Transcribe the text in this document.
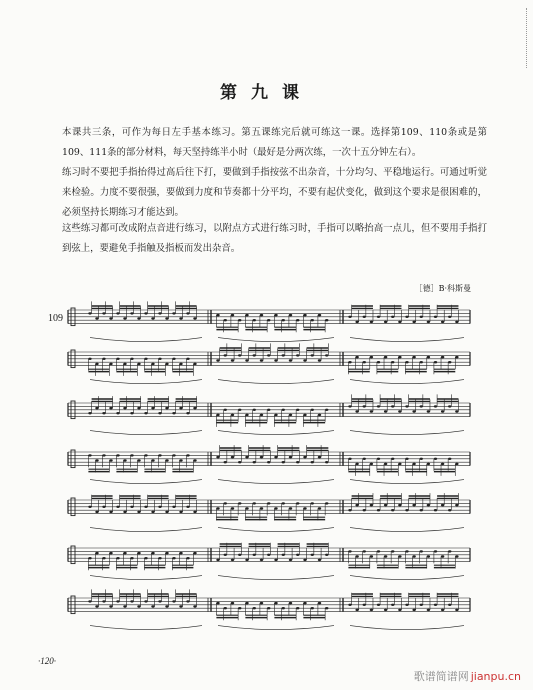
第九课

本课共三条，可作为每日左手基本练习。第五课练完后就可练这一课。选择第109、110条或是第109、111条的部分材料，每天坚持练半小时（最好是分两次练，一次十五分钟左右）。

练习时不要把手指抬得过高后往下打，要做到手指按弦不出杂音，十分均匀、平稳地运行。可通过听觉来检验。力度不要很强，要做到力度和节奏都十分平均，不要有起伏变化，做到这个要求是很困难的，必须坚持长期练习才能达到。

这些练习都可改成附点音进行练习，以附点方式进行练习时，手指可以略抬高一点儿，但不要用手指打到弦上，要避免手指触及指板而发出杂音。

［德］B·科斯曼
109
·120·
歌谱简谱网 jianpu.cn
